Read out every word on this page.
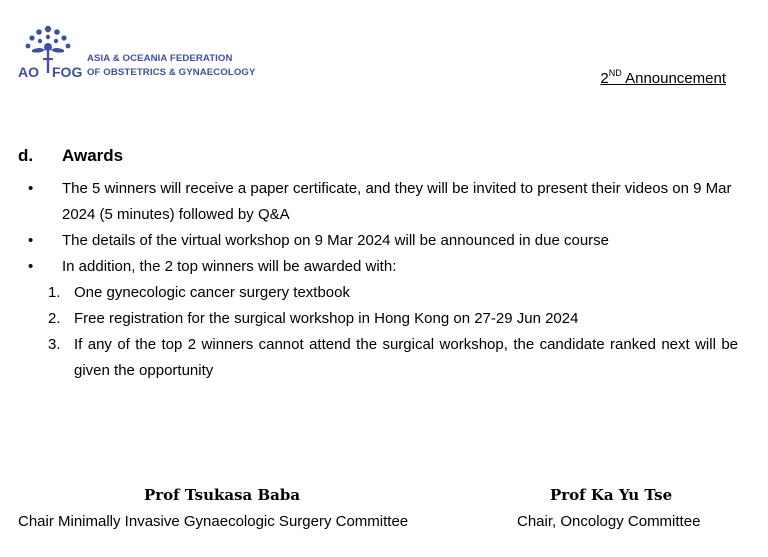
AO FOG
ASIA & OCEANIA FEDERATION
OF OBSTETRICS & GYNAECOLOGY	2ND Announcement
d. Awards
• The 5 winners will receive a paper certificate, and they will be invited to present their videos on 9 Mar 2024 (5 minutes) followed by Q&A
• The details of the virtual workshop on 9 Mar 2024 will be announced in due course
• In addition, the 2 top winners will be awarded with:
1. One gynecologic cancer surgery textbook
2. Free registration for the surgical workshop in Hong Kong on 27-29 Jun 2024
3. If any of the top 2 winners cannot attend the surgical workshop, the candidate ranked next will be given the opportunity
Prof Tsukasa Baba
Chair Minimally Invasive Gynaecologic Surgery Committee
Prof Ka Yu Tse
Chair, Oncology Committee
